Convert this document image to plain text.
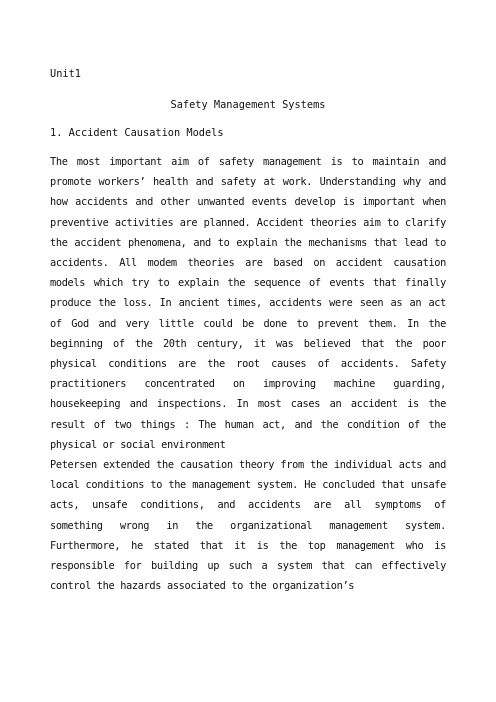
Unit1
Safety Management Systems
1. Accident Causation Models

The most important aim of safety management is to maintain and promote workers’ health and safety at work. Understanding why and how accidents and other unwanted events develop is important when preventive activities are planned. Accident theories aim to clarify the accident phenomena, and to explain the mechanisms that lead to accidents. All modem theories are based on accident causation models which try to explain the sequence of events that finally produce the loss. In ancient times, accidents were seen as an act of God and very little could be done to prevent them. In the beginning of the 20th century, it was believed that the poor physical conditions are the root causes of accidents. Safety practitioners concentrated on improving machine guarding, housekeeping and inspections. In most cases an accident is the result of two things : The human act, and the condition of the physical or social environment

Petersen extended the causation theory from the individual acts and local conditions to the management system. He concluded that unsafe acts, unsafe conditions, and accidents are all symptoms of something wrong in the organizational management system. Furthermore, he stated that it is the top management who is responsible for building up such a system that can effectively control the hazards associated to the organization’s
